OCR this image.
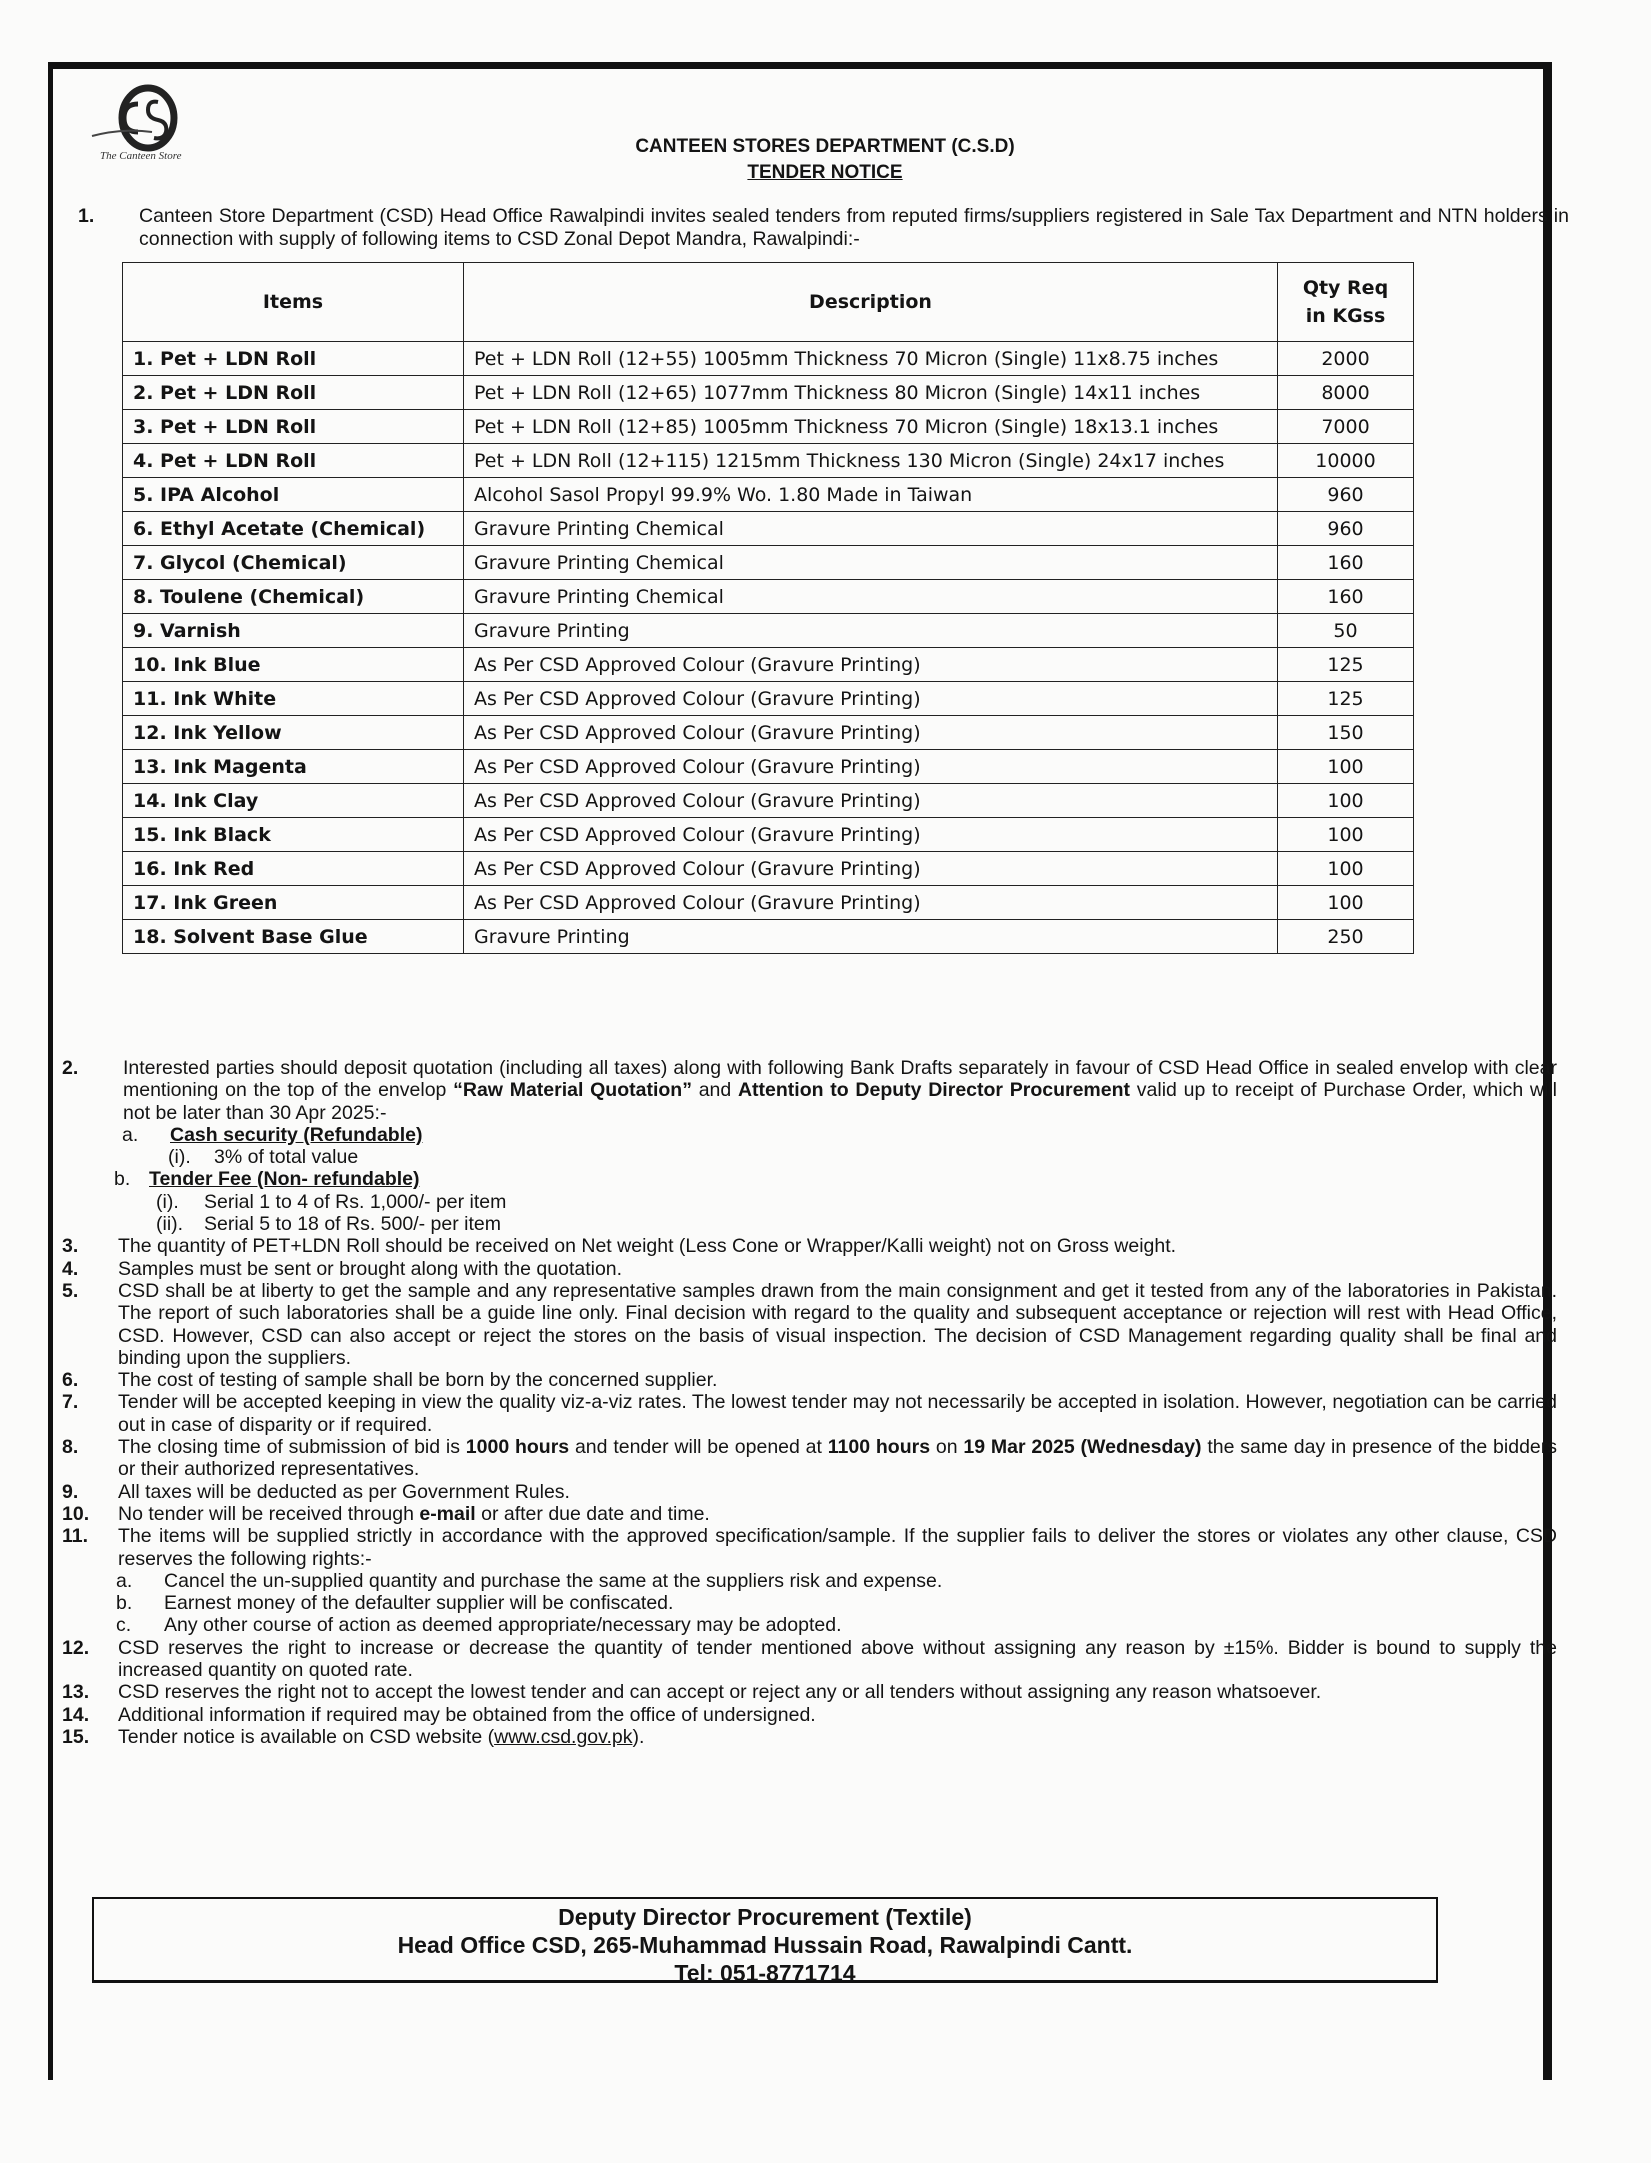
The Canteen Store	CANTEEN STORES DEPARTMENT (C.S.D)
TENDER NOTICE
1. Canteen Store Department (CSD) Head Office Rawalpindi invites sealed tenders from reputed firms/suppliers registered in Sale Tax Department and NTN holders in connection with supply of following items to CSD Zonal Depot Mandra, Rawalpindi:-
Items	Description	Qty Req
in KGss
1. Pet + LDN Roll	Pet + LDN Roll (12+55) 1005mm Thickness 70 Micron (Single) 11x8.75 inches	2000
2. Pet + LDN Roll	Pet + LDN Roll (12+65) 1077mm Thickness 80 Micron (Single) 14x11 inches	8000
3. Pet + LDN Roll	Pet + LDN Roll (12+85) 1005mm Thickness 70 Micron (Single) 18x13.1 inches	7000
4. Pet + LDN Roll	Pet + LDN Roll (12+115) 1215mm Thickness 130 Micron (Single) 24x17 inches	10000
5. IPA Alcohol	Alcohol Sasol Propyl 99.9% Wo. 1.80 Made in Taiwan	960
6. Ethyl Acetate (Chemical)	Gravure Printing Chemical	960
7. Glycol (Chemical)	Gravure Printing Chemical	160
8. Toulene (Chemical)	Gravure Printing Chemical	160
9. Varnish	Gravure Printing	50
10. Ink Blue	As Per CSD Approved Colour (Gravure Printing)	125
11. Ink White	As Per CSD Approved Colour (Gravure Printing)	125
12. Ink Yellow	As Per CSD Approved Colour (Gravure Printing)	150
13. Ink Magenta	As Per CSD Approved Colour (Gravure Printing)	100
14. Ink Clay	As Per CSD Approved Colour (Gravure Printing)	100
15. Ink Black	As Per CSD Approved Colour (Gravure Printing)	100
16. Ink Red	As Per CSD Approved Colour (Gravure Printing)	100
17. Ink Green	As Per CSD Approved Colour (Gravure Printing)	100
18. Solvent Base Glue	Gravure Printing	250
2. Interested parties should deposit quotation (including all taxes) along with following Bank Drafts separately in favour of CSD Head Office in sealed envelop with clear mentioning on the top of the envelop “Raw Material Quotation” and Attention to Deputy Director Procurement valid up to receipt of Purchase Order, which will not be later than 30 Apr 2025:-
a. Cash security (Refundable)
(i). 3% of total value
b. Tender Fee (Non- refundable)
(i). Serial 1 to 4 of Rs. 1,000/- per item
(ii). Serial 5 to 18 of Rs. 500/- per item
3. The quantity of PET+LDN Roll should be received on Net weight (Less Cone or Wrapper/Kalli weight) not on Gross weight.
4. Samples must be sent or brought along with the quotation.
5. CSD shall be at liberty to get the sample and any representative samples drawn from the main consignment and get it tested from any of the laboratories in Pakistan. The report of such laboratories shall be a guide line only. Final decision with regard to the quality and subsequent acceptance or rejection will rest with Head Office, CSD. However, CSD can also accept or reject the stores on the basis of visual inspection. The decision of CSD Management regarding quality shall be final and binding upon the suppliers.
6. The cost of testing of sample shall be born by the concerned supplier.
7. Tender will be accepted keeping in view the quality viz-a-viz rates. The lowest tender may not necessarily be accepted in isolation. However, negotiation can be carried out in case of disparity or if required.
8. The closing time of submission of bid is 1000 hours and tender will be opened at 1100 hours on 19 Mar 2025 (Wednesday) the same day in presence of the bidders or their authorized representatives.
9. All taxes will be deducted as per Government Rules.
10. No tender will be received through e-mail or after due date and time.
11. The items will be supplied strictly in accordance with the approved specification/sample. If the supplier fails to deliver the stores or violates any other clause, CSD reserves the following rights:-
a. Cancel the un-supplied quantity and purchase the same at the suppliers risk and expense.
b. Earnest money of the defaulter supplier will be confiscated.
c. Any other course of action as deemed appropriate/necessary may be adopted.
12. CSD reserves the right to increase or decrease the quantity of tender mentioned above without assigning any reason by ±15%. Bidder is bound to supply the increased quantity on quoted rate.
13. CSD reserves the right not to accept the lowest tender and can accept or reject any or all tenders without assigning any reason whatsoever.
14. Additional information if required may be obtained from the office of undersigned.
15. Tender notice is available on CSD website (www.csd.gov.pk).
Deputy Director Procurement (Textile)
Head Office CSD, 265-Muhammad Hussain Road, Rawalpindi Cantt.
Tel: 051-8771714
